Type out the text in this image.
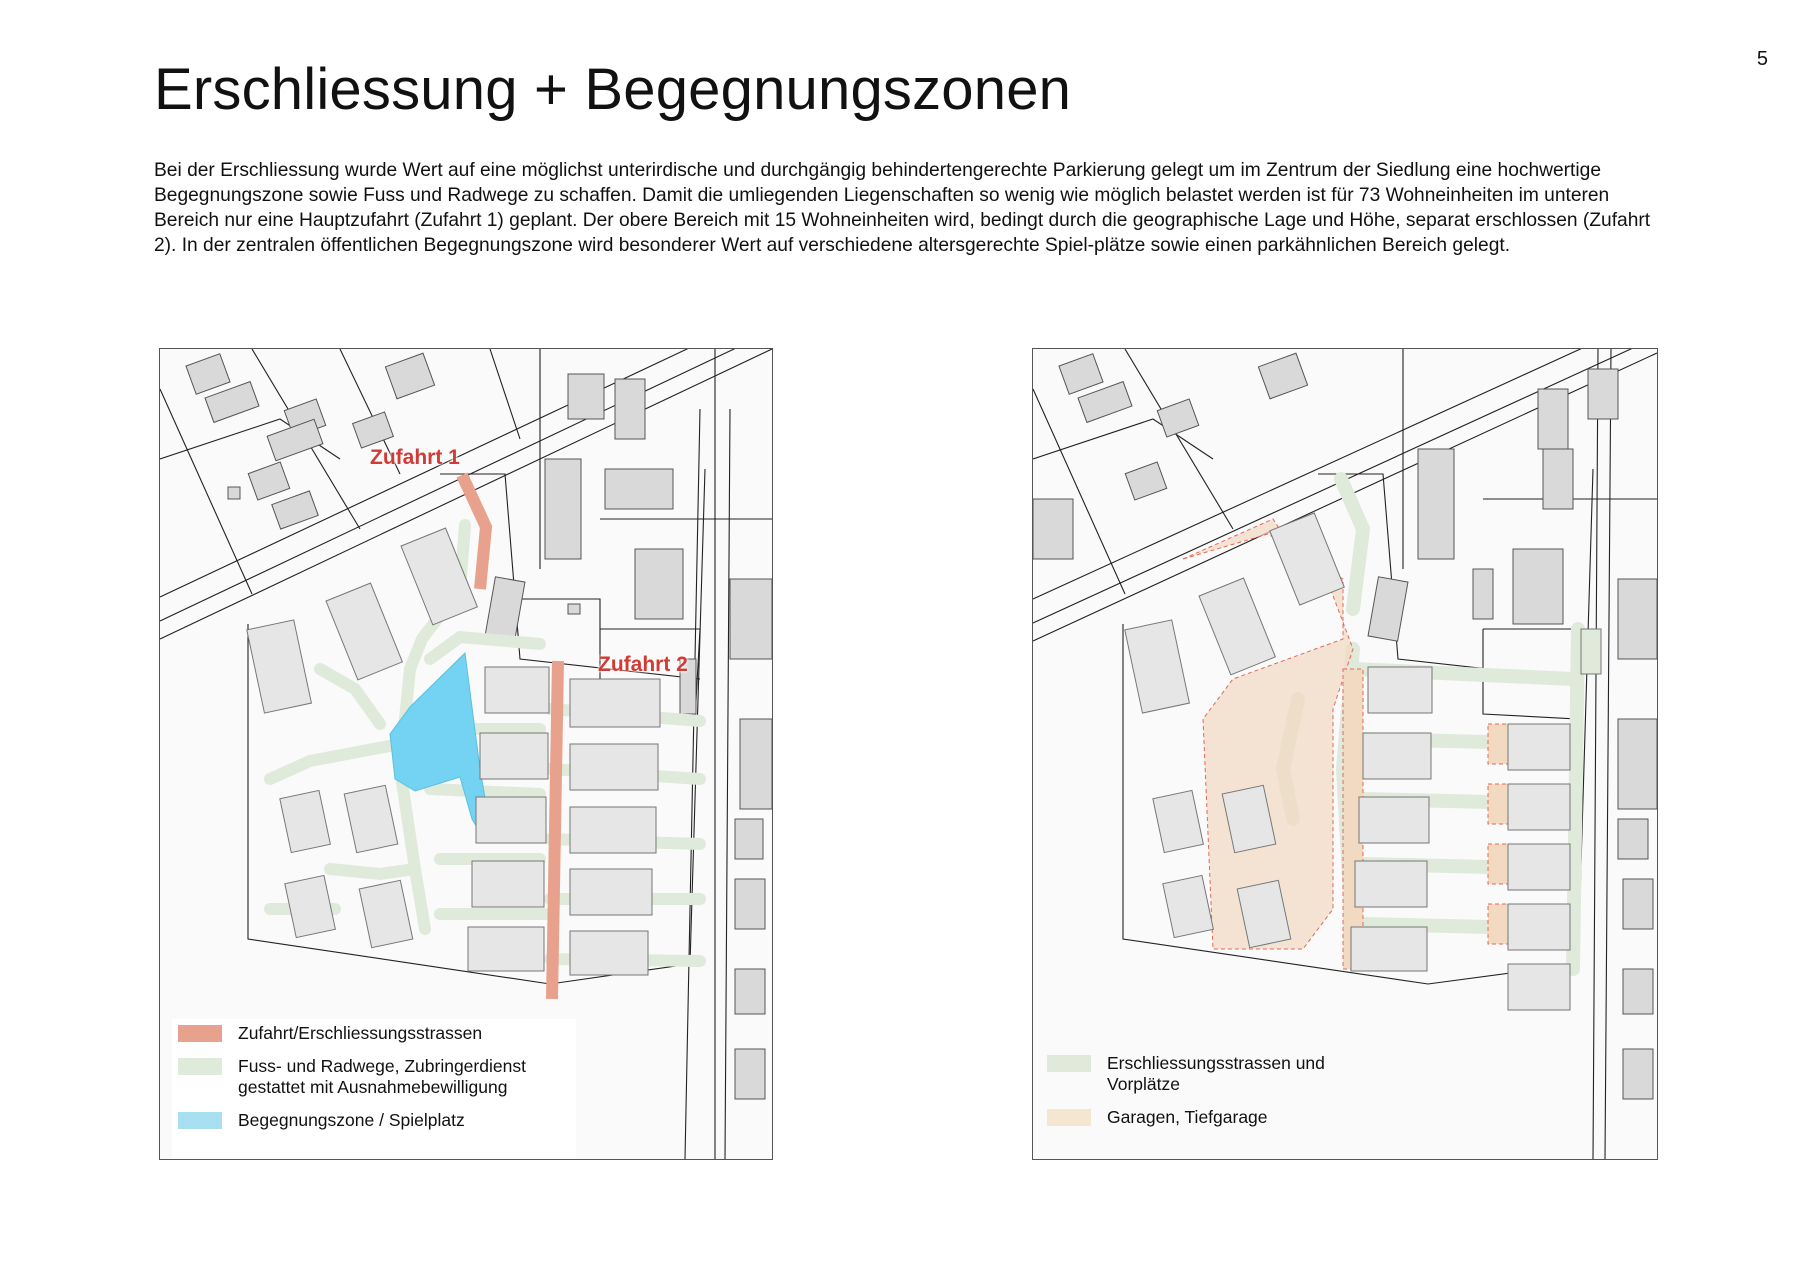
5
Erschliessung + Begegnungszonen

Bei der Erschliessung wurde Wert auf eine möglichst unterirdische und durchgängig behindertengerechte Parkierung gelegt um im Zentrum der Siedlung eine hochwertige Begegnungszone sowie Fuss und Radwege zu schaffen. Damit die umliegenden Liegenschaften so wenig wie möglich belastet werden ist für 73 Wohneinheiten im unteren Bereich nur eine Hauptzufahrt (Zufahrt 1) geplant. Der obere Bereich mit 15 Wohneinheiten wird, bedingt durch die geographische Lage und Höhe, separat erschlossen (Zufahrt 2). In der zentralen öffentlichen Begegnungszone wird besonderer Wert auf verschiedene altersgerechte Spiel-plätze sowie einen parkähnlichen Bereich gelegt.

Zufahrt 1
Zufahrt 2
Zufahrt/Erschliessungsstrassen
Fuss- und Radwege, Zubringerdienst gestattet mit Ausnahmebewilligung
Begegnungszone / Spielplatz
Erschliessungsstrassen und Vorplätze
Garagen, Tiefgarage
